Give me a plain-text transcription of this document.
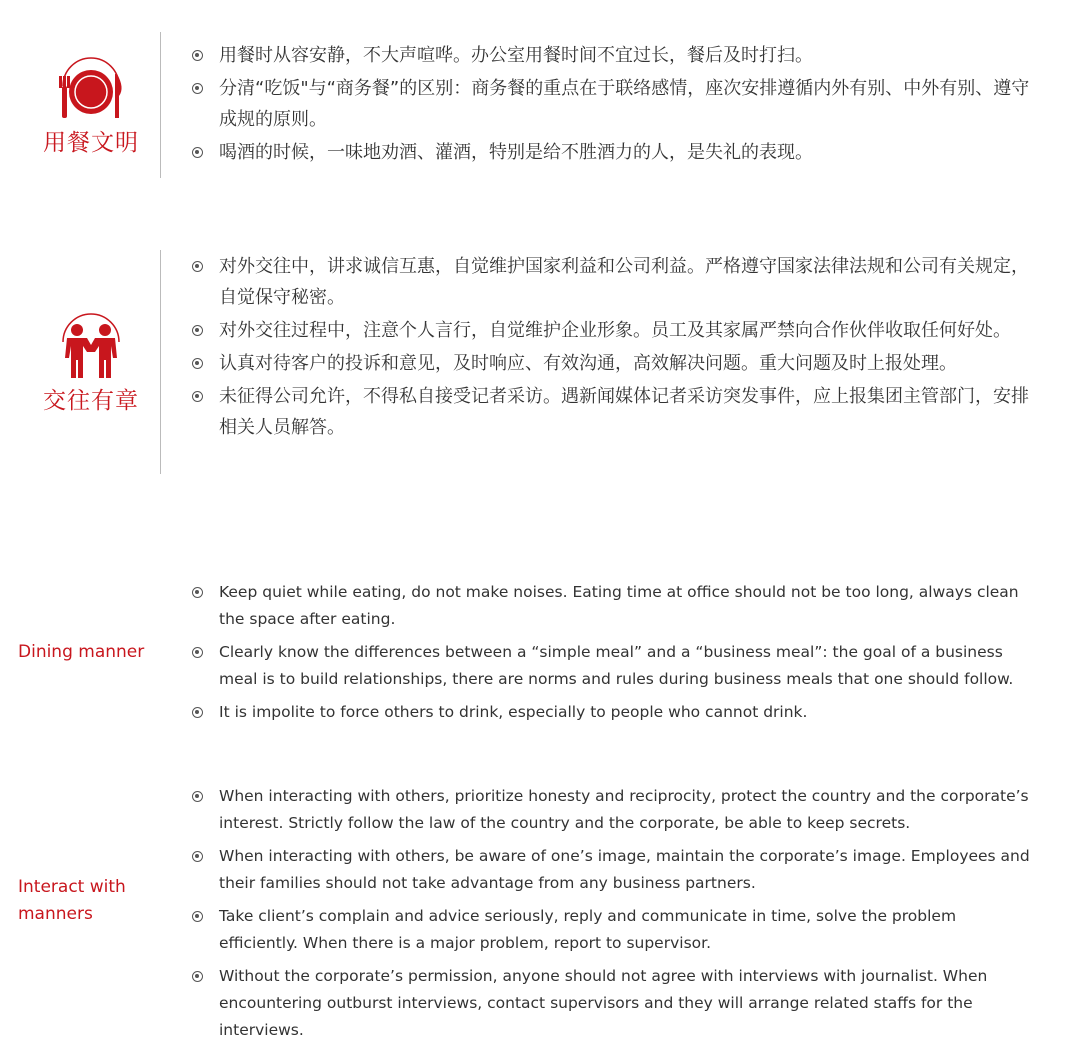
用餐文明
用餐时从容安静，不大声喧哗。办公室用餐时间不宜过长，餐后及时打扫。
分清“吃饭"与“商务餐”的区别：商务餐的重点在于联络感情，座次安排遵循内外有别、中外有别、遵守成规的原则。
喝酒的时候，一味地劝酒、灌酒，特别是给不胜酒力的人，是失礼的表现。
交往有章
对外交往中，讲求诚信互惠，自觉维护国家利益和公司利益。严格遵守国家法律法规和公司有关规定，自觉保守秘密。
对外交往过程中，注意个人言行，自觉维护企业形象。员工及其家属严禁向合作伙伴收取任何好处。
认真对待客户的投诉和意见，及时响应、有效沟通，高效解决问题。重大问题及时上报处理。
未征得公司允许，不得私自接受记者采访。遇新闻媒体记者采访突发事件，应上报集团主管部门，安排相关人员解答。
Dining manner
Keep quiet while eating, do not make noises. Eating time at office should not be too long, always clean the space after eating.
Clearly know the differences between a “simple meal” and a “business meal”: the goal of a business meal is to build relationships, there are norms and rules during business meals that one should follow.
It is impolite to force others to drink, especially to people who cannot drink.
Interact with
manners
When interacting with others, prioritize honesty and reciprocity, protect the country and the corporate’s interest. Strictly follow the law of the country and the corporate, be able to keep secrets.
When interacting with others, be aware of one’s image, maintain the corporate’s image. Employees and their families should not take advantage from any business partners.
Take client’s complain and advice seriously, reply and communicate in time, solve the problem efficiently. When there is a major problem, report to supervisor.
Without the corporate’s permission, anyone should not agree with interviews with journalist. When encountering outburst interviews, contact supervisors and they will arrange related staffs for the interviews.
